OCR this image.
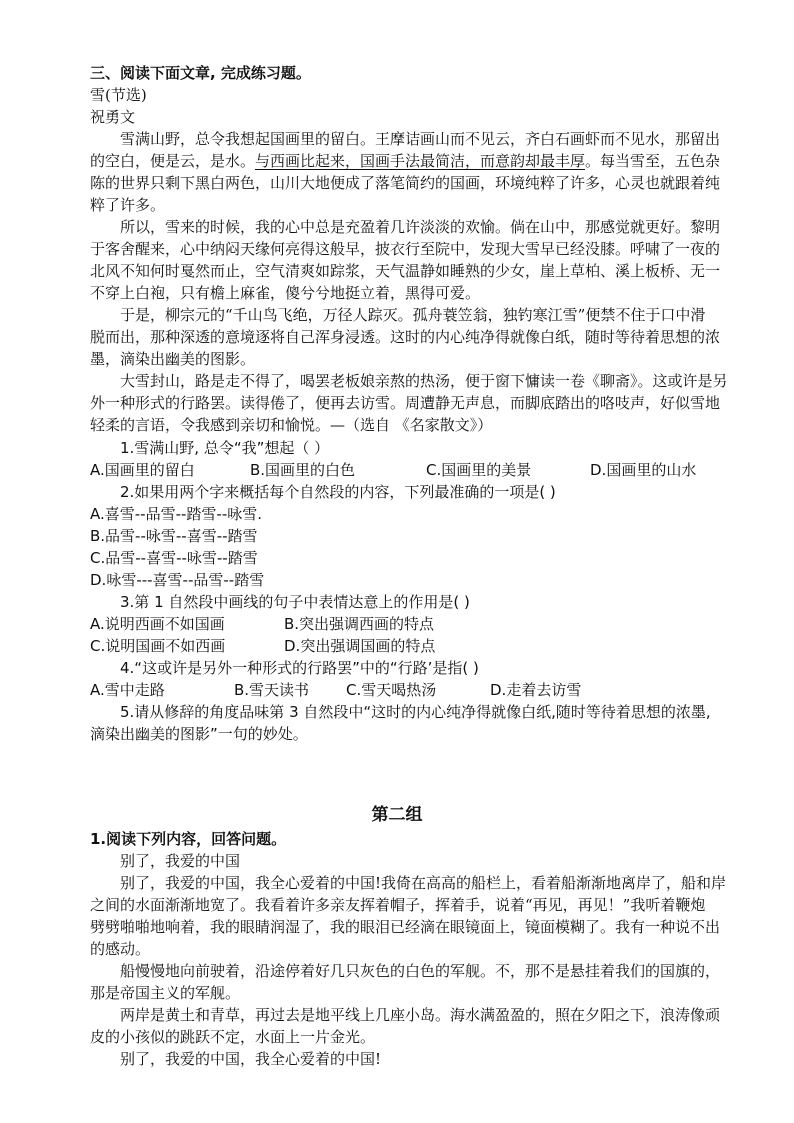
三、阅读下面文章, 完成练习题。
雪(节选)
祝勇文
雪满山野，总令我想起国画里的留白。王摩诘画山而不见云，齐白石画虾而不见水，那留出
的空白，便是云，是水。与西画比起来，国画手法最简洁，而意韵却最丰厚。每当雪至，五色杂
陈的世界只剩下黑白两色，山川大地便成了落笔简约的国画，环境纯粹了许多，心灵也就跟着纯
粹了许多。
所以，雪来的时候，我的心中总是充盈着几许淡淡的欢愉。倘在山中，那感觉就更好。黎明
于客舍醒来，心中纳闷天缘何亮得这般早，披衣行至院中，发现大雪早已经没膝。呼啸了一夜的
北风不知何时戛然而止，空气清爽如踪浆，天气温静如睡熟的少女，崖上草柏、溪上板桥、无一
不穿上白袍，只有檐上麻雀，傻兮兮地挺立着，黑得可爱。
于是，柳宗元的“千山鸟飞绝，万径人踪灭。孤舟蓑笠翁，独钓寒江雪”便禁不住于口中滑
脱而出，那种深透的意境逐将自己浑身浸透。这时的内心纯净得就像白纸，随时等待着思想的浓
墨，滴染出幽美的图影。
大雪封山，路是走不得了，喝罢老板娘亲熬的热汤，便于窗下慵读一卷《聊斋》。这或许是另
外一种形式的行路罢。读得倦了，便再去访雪。周遭静无声息，而脚底踏出的咯吱声，好似雪地
轻柔的言语，令我感到亲切和愉悦。—（选自 《名家散文》）
1.雪满山野, 总令“我”想起（ ）
A.国画里的留白	B.国画里的白色	C.国画里的美景	D.国画里的山水
2.如果用两个字来概括每个自然段的内容，下列最准确的一项是( )
A.喜雪--品雪--踏雪--咏雪.
B.品雪--咏雪--喜雪--踏雪
C.品雪--喜雪--咏雪--踏雪
D.咏雪---喜雪--品雪--踏雪
3.第 1 自然段中画线的句子中表情达意上的作用是( )
A.说明西画不如国画	B.突出强调西画的特点
C.说明国画不如西画	D.突出强调国画的特点
4.“这或许是另外一种形式的行路罢”中的“行路’是指( )
A.雪中走路	B.雪天读书 C.雪天喝热汤	D.走着去访雪
5.请从修辞的角度品味第 3 自然段中“这时的内心纯净得就像白纸,随时等待着思想的浓墨,
滴染出幽美的图影”一句的妙处。
第二组
1.阅读下列内容，回答问题。
别了，我爱的中国
别了，我爱的中国，我全心爱着的中国!我倚在高高的船栏上，看着船渐渐地离岸了，船和岸
之间的水面渐渐地宽了。我看着许多亲友挥着帽子，挥着手，说着“再见，再见！”我听着鞭炮
劈劈啪啪地响着，我的眼睛润湿了，我的眼泪已经滴在眼镜面上，镜面模糊了。我有一种说不出
的感动。
船慢慢地向前驶着，沿途停着好几只灰色的白色的军舰。不，那不是悬挂着我们的国旗的，
那是帝国主义的军舰。
两岸是黄土和青草，再过去是地平线上几座小岛。海水满盈盈的，照在夕阳之下，浪涛像顽
皮的小孩似的跳跃不定，水面上一片金光。
别了，我爱的中国，我全心爱着的中国!
